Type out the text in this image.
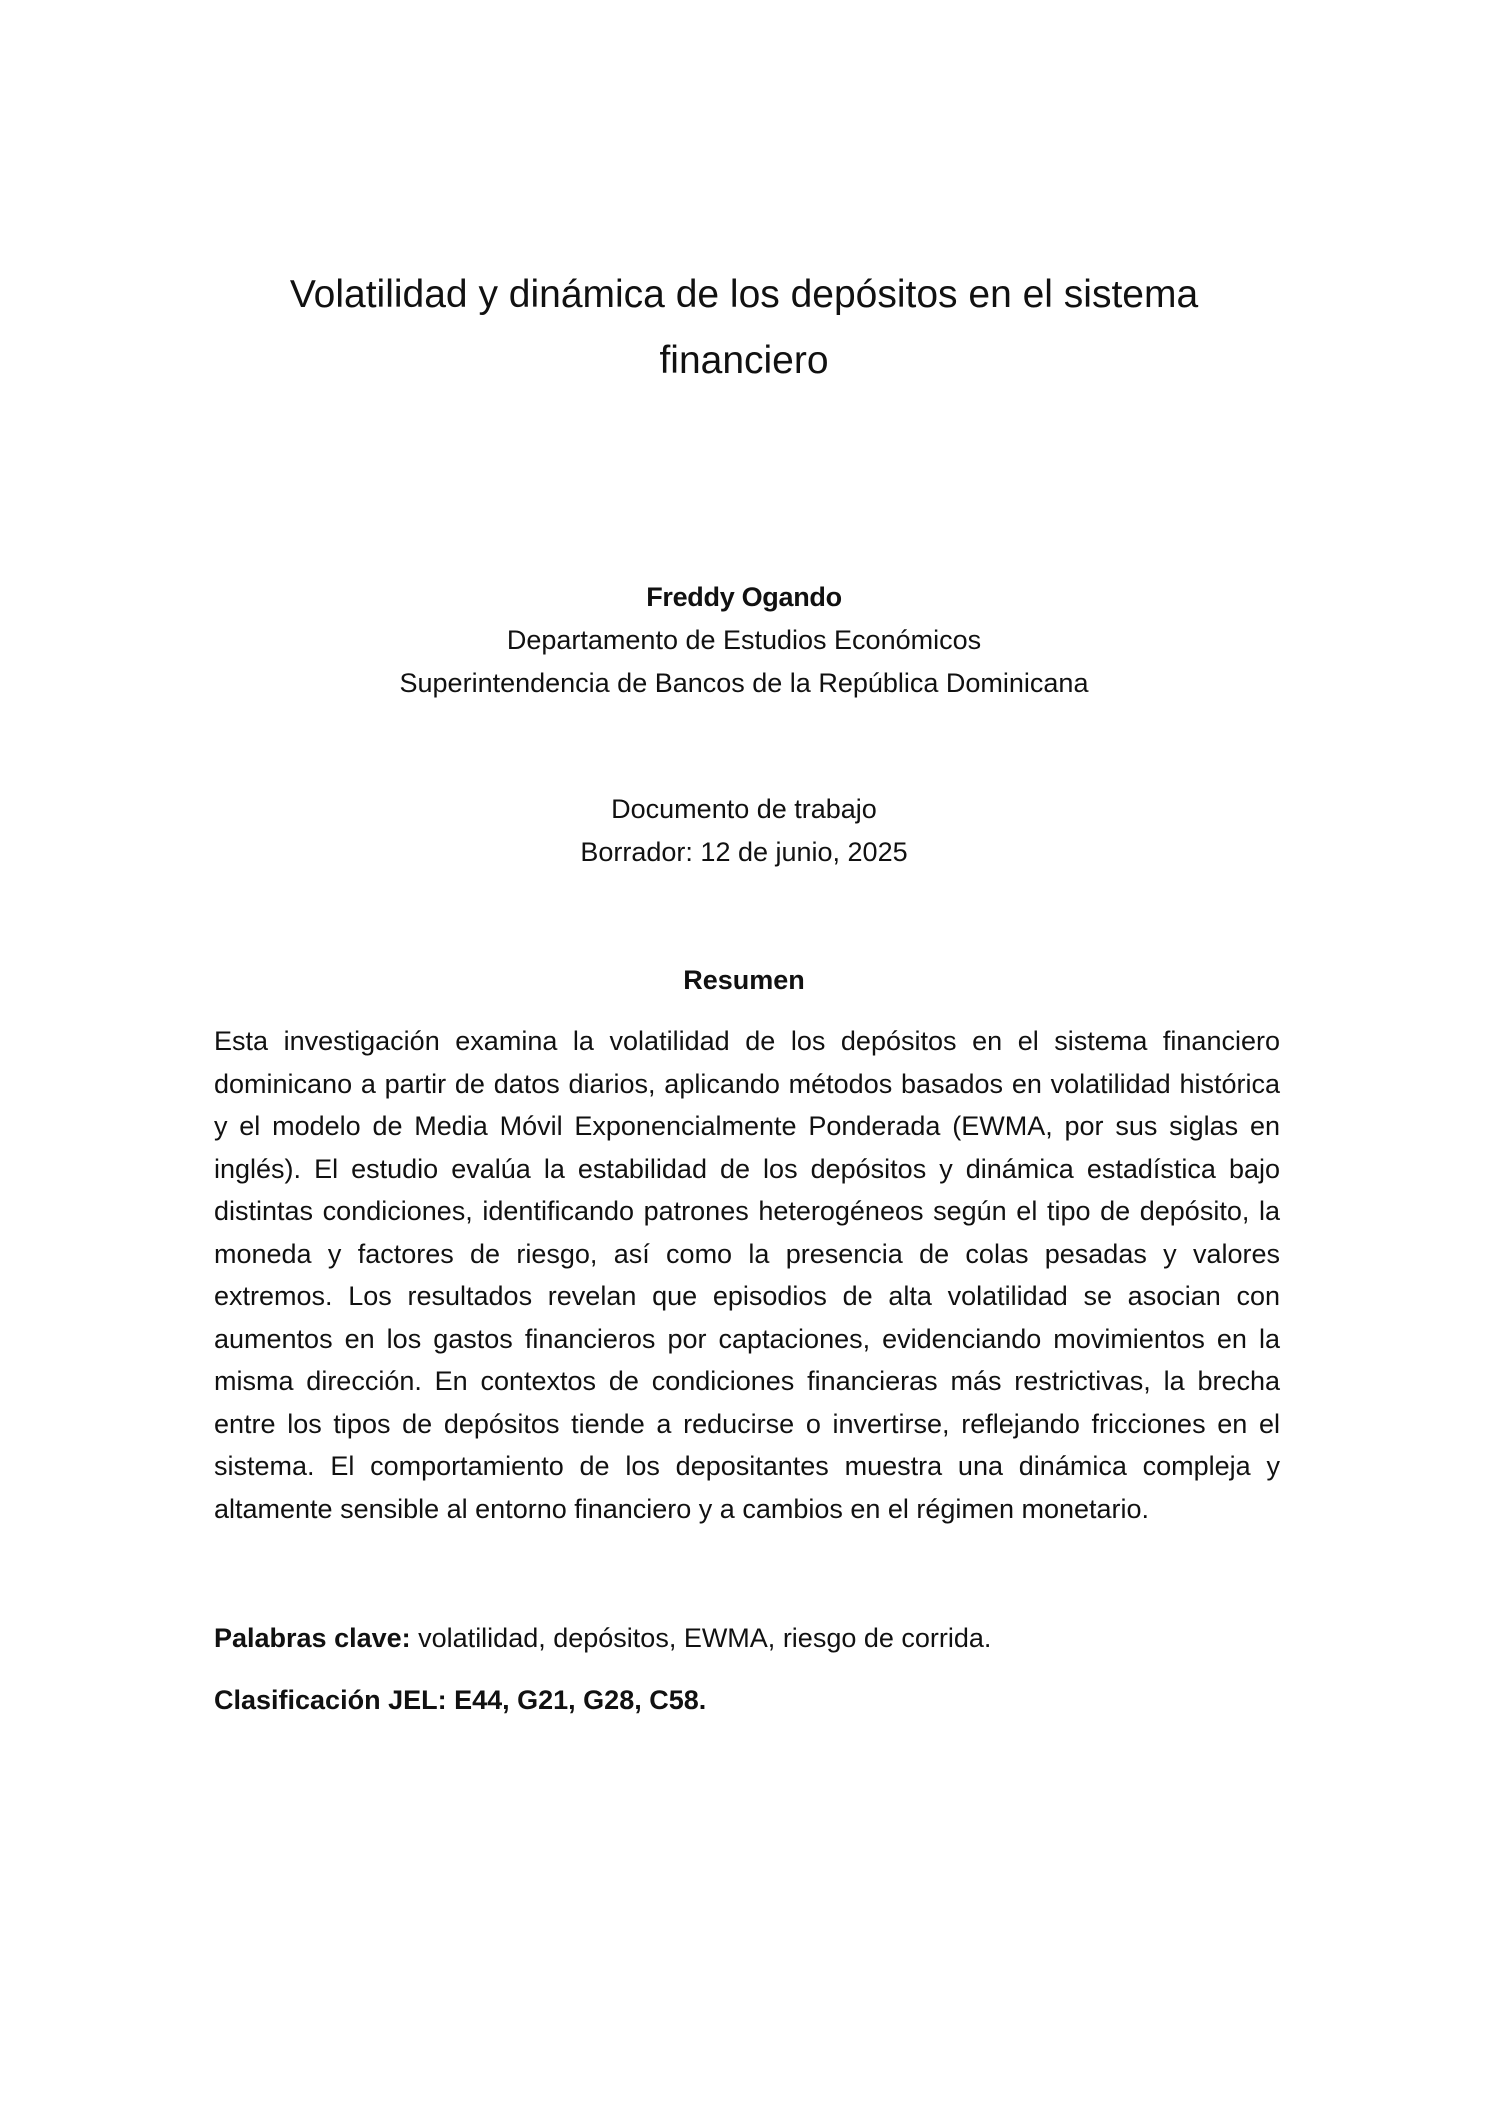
Volatilidad y dinámica de los depósitos en el sistema financiero
Freddy Ogando
Departamento de Estudios Económicos
Superintendencia de Bancos de la República Dominicana
Documento de trabajo
Borrador: 12 de junio, 2025
Resumen

Esta investigación examina la volatilidad de los depósitos en el sistema financiero dominicano a partir de datos diarios, aplicando métodos basados en volatilidad histórica y el modelo de Media Móvil Exponencialmente Ponderada (EWMA, por sus siglas en inglés). El estudio evalúa la estabilidad de los depósitos y dinámica estadística bajo distintas condiciones, identificando patrones heterogéneos según el tipo de depósito, la moneda y factores de riesgo, así como la presencia de colas pesadas y valores extremos. Los resultados revelan que episodios de alta volatilidad se asocian con aumentos en los gastos financieros por captaciones, evidenciando movimientos en la misma dirección. En contextos de condiciones financieras más restrictivas, la brecha entre los tipos de depósitos tiende a reducirse o invertirse, reflejando fricciones en el sistema. El comportamiento de los depositantes muestra una dinámica compleja y altamente sensible al entorno financiero y a cambios en el régimen monetario.

Palabras clave: volatilidad, depósitos, EWMA, riesgo de corrida.

Clasificación JEL: E44, G21, G28, C58.
